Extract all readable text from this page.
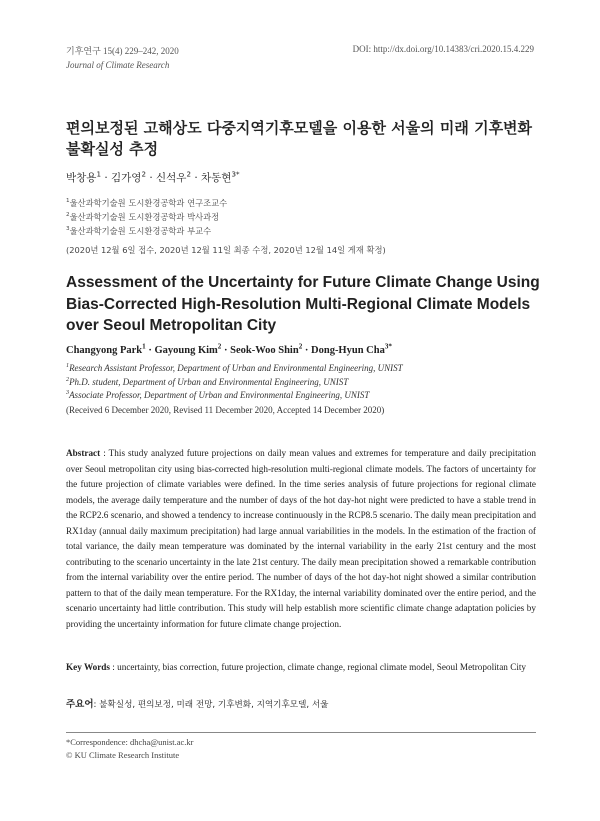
기후연구 15(4) 229–242, 2020
Journal of Climate Research
DOI: http://dx.doi.org/10.14383/cri.2020.15.4.229
편의보정된 고해상도 다중지역기후모델을 이용한 서울의 미래 기후변화 불확실성 추정
박창용$^1$ · 김가영$^2$ · 신석우$^2$ · 차동현$^{3*}$
$^1$울산과학기술원 도시환경공학과 연구조교수
$^2$울산과학기술원 도시환경공학과 박사과정
$^3$울산과학기술원 도시환경공학과 부교수
(2020년 12월 6일 접수, 2020년 12월 11일 최종 수정, 2020년 12월 14일 게재 확정)
Assessment of the Uncertainty for Future Climate Change Using Bias-Corrected High-Resolution Multi-Regional Climate Models over Seoul Metropolitan City
Changyong Park$^1$ · Gayoung Kim$^2$ · Seok-Woo Shin$^2$ · Dong-Hyun Cha$^{3*}$
$^1$Research Assistant Professor, Department of Urban and Environmental Engineering, UNIST
$^2$Ph.D. student, Department of Urban and Environmental Engineering, UNIST
$^3$Associate Professor, Department of Urban and Environmental Engineering, UNIST
(Received 6 December 2020, Revised 11 December 2020, Accepted 14 December 2020)
Abstract : This study analyzed future projections on daily mean values and extremes for temperature and daily precipitation over Seoul metropolitan city using bias-corrected high-resolution multi-regional climate models. The factors of uncertainty for the future projection of climate variables were defined. In the time series analysis of future projections for regional climate models, the average daily temperature and the number of days of the hot day-hot night were predicted to have a stable trend in the RCP2.6 scenario, and showed a tendency to increase continuously in the RCP8.5 scenario. The daily mean precipitation and RX1day (annual daily maximum precipitation) had large annual variabilities in the models. In the estimation of the fraction of total variance, the daily mean temperature was dominated by the internal variability in the early 21st century and the most contributing to the scenario uncertainty in the late 21st century. The daily mean precipitation showed a remarkable contribution from the internal variability over the entire period. The number of days of the hot day-hot night showed a similar contribution pattern to that of the daily mean temperature. For the RX1day, the internal variability dominated over the entire period, and the scenario uncertainty had little contribution. This study will help establish more scientific climate change adaptation policies by providing the uncertainty information for future climate change projection.
Key Words : uncertainty, bias correction, future projection, climate change, regional climate model, Seoul Metropolitan City
주요어: 불확실성, 편의보정, 미래 전망, 기후변화, 지역기후모델, 서울
*Correspondence: dhcha@unist.ac.kr
© KU Climate Research Institute
